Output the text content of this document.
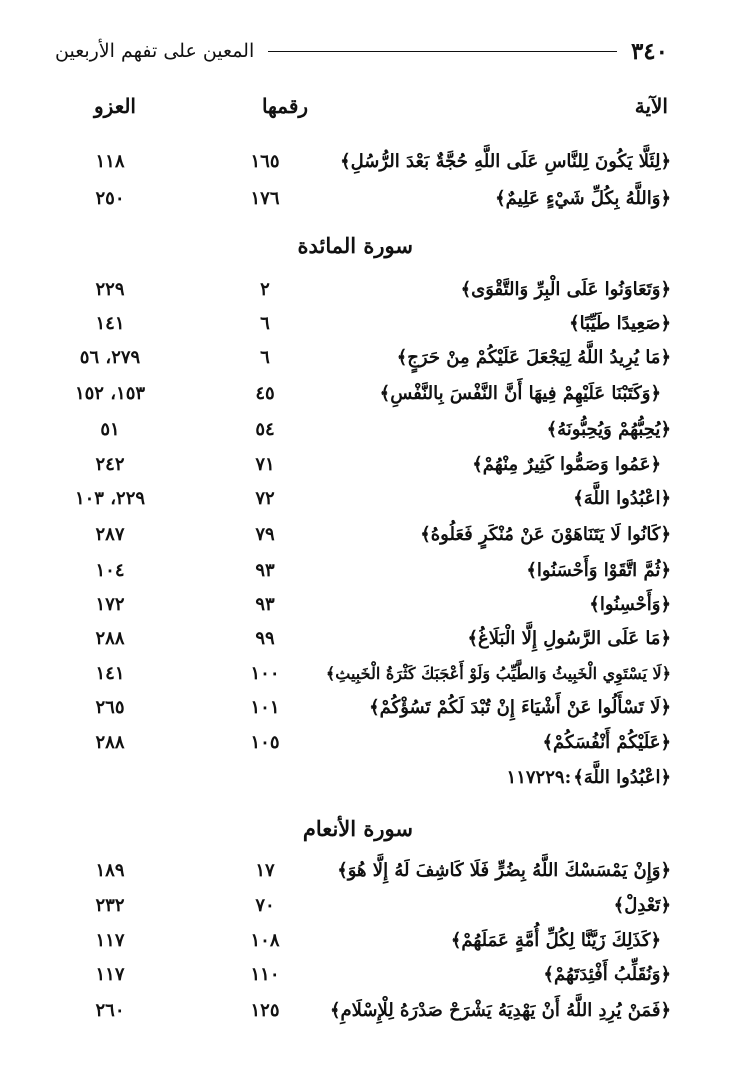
٣٤٠
المعين على تفهم الأربعين
الآية
رقمها
العزو
﴿لِئَلَّا يَكُونَ لِلنَّاسِ عَلَى اللَّهِ حُجَّةٌ بَعْدَ الرُّسُلِ﴾
١٦٥
١١٨
﴿وَاللَّهُ بِكُلِّ شَيْءٍ عَلِيمٌ﴾
١٧٦
٢٥٠
سورة المائدة
﴿وَتَعَاوَنُوا عَلَى الْبِرِّ وَالتَّقْوَى﴾
٢
٢٢٩
﴿صَعِيدًا طَيِّبًا﴾
٦
١٤١
﴿مَا يُرِيدُ اللَّهُ لِيَجْعَلَ عَلَيْكُمْ مِنْ حَرَجٍ﴾
٦
٢٧٩، ٥٦
﴿وَكَتَبْنَا عَلَيْهِمْ فِيهَا أَنَّ النَّفْسَ بِالنَّفْسِ﴾
٤٥
١٥٣، ١٥٢
﴿يُحِبُّهُمْ وَيُحِبُّونَهُ﴾
٥٤
٥١
﴿عَمُوا وَصَمُّوا كَثِيرٌ مِنْهُمْ﴾
٧١
٢٤٢
﴿اعْبُدُوا اللَّهَ﴾
٧٢
٢٢٩، ١٠٣
﴿كَانُوا لَا يَتَنَاهَوْنَ عَنْ مُنْكَرٍ فَعَلُوهُ﴾
٧٩
٢٨٧
﴿ثُمَّ اتَّقَوْا وَأَحْسَنُوا﴾
٩٣
١٠٤
﴿وَأَحْسِنُوا﴾
٩٣
١٧٢
﴿مَا عَلَى الرَّسُولِ إِلَّا الْبَلَاغُ﴾
٩٩
٢٨٨
﴿لَا يَسْتَوِي الْخَبِيثُ وَالطَّيِّبُ وَلَوْ أَعْجَبَكَ كَثْرَةُ الْخَبِيثِ﴾
١٠٠
١٤١
﴿لَا تَسْأَلُوا عَنْ أَشْيَاءَ إِنْ تُبْدَ لَكُمْ تَسُؤْكُمْ﴾
١٠١
٢٦٥
﴿عَلَيْكُمْ أَنْفُسَكُمْ﴾
١٠٥
٢٨٨
﴿اعْبُدُوا اللَّهَ﴾:١١٧٢٢٩
سورة الأنعام
﴿وَإِنْ يَمْسَسْكَ اللَّهُ بِضُرٍّ فَلَا كَاشِفَ لَهُ إِلَّا هُوَ﴾
١٧
١٨٩
﴿تَعْدِلْ﴾
٧٠
٢٣٢
﴿كَذَلِكَ زَيَّنَّا لِكُلِّ أُمَّةٍ عَمَلَهُمْ﴾
١٠٨
١١٧
﴿وَنُقَلِّبُ أَفْئِدَتَهُمْ﴾
١١٠
١١٧
﴿فَمَنْ يُرِدِ اللَّهُ أَنْ يَهْدِيَهُ يَشْرَحْ صَدْرَهُ لِلْإِسْلَامِ﴾
١٢٥
٢٦٠
